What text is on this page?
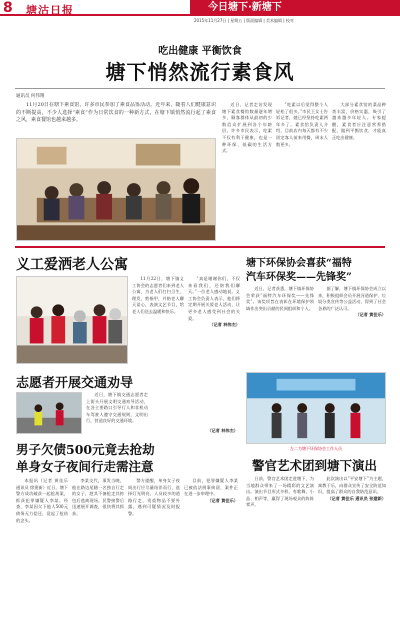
8 塘沽日报	今日塘下·新塘下
2015年11月27日 | 星期五 | 版面编辑 | 美术编辑 | 校对
吃出健康 平衡饮食
塘下悄然流行素食风
通讯员 何伟翔

11月20日在塘下素食馆，许多市民参加了素食品鉴活动。近年来，随着人们健康意识的不断提高，不少人选择“素食”作为日常饮食的一种新方式，在塘下镇悄然流行起了素食之风，素食餐馆也越来越多。

近日，记者走访发现塘下素食餐馆数量逐年增多，顾客群体从最初的少数信众扩展到各个年龄层。许多市民表示，吃素不仅有利于健康，也是一种环保、低碳的生活方式。

“吃素以后觉得整个人轻松了很多。”市民王女士告诉记者，她已经坚持吃素两年多了。素食馆负责人介绍，目前店内每天都有不少固定客人前来用餐，周末人数更多。

大部分素食馆的菜品种类丰富，价格实惠，吸引了越来越多年轻人。专家提醒，素食者应注意营养搭配，做到平衡饮食，才能真正吃出健康。

义工爱洒老人公寓

11月22日，塘下镇义工协会的志愿者们来到老人公寓，为老人们打扫卫生、理发、剪指甲，并陪老人聊天谈心，表演文艺节目，给老人们送去温暖和快乐。

“真是谢谢你们，不仅来看我们，还陪我们聊天。”一位老人感动地说。义工协会负责人表示，他们将定期开展关爱老人活动，让更多老人感受到社会的关爱。

（记者 林伟杰）
志愿者开展交通劝导

近日，塘下镇交通志愿者走上街头开展文明交通劝导活动，在各主要路口引导行人和非机动车驾驶人遵守交通规则，文明出行，营造良好的交通环境。

（记者 林伟杰）
男子欠债500元竟去抢劫
单身女子夜间行走需注意

本报讯（记者 黄佳乐 通讯员 徐建新）近日，塘下警方成功破获一起抢劫案，抓获犯罪嫌疑人李某。经查，李某因欠下他人500元债务无力偿还，竟起了抢劫的念头。

李某交代，事发当晚，他在路边尾随一名独自行走的女子，趁其不备抢走其挎包后逃离现场。民警接警后迅速展开调查，很快将其抓获。

警方提醒，单身女子夜间出行应尽量结伴而行，选择灯光明亮、人员较多的道路行走，贵重物品不要外露，遇到可疑情况及时报警。

目前，犯罪嫌疑人李某已被依法刑事拘留，案件正在进一步审理中。

（记者 黄佳乐）
塘下环保协会喜获“福特
汽车环保奖——先锋奖”

近日，记者获悉，塘下镇环保协会荣获“福特汽车环保奖——先锋奖”。该奖项旨在表彰在环境保护领域作出突出贡献的民间组织和个人。

据了解，塘下镇环保协会成立以来，积极组织会员开展河道保护、垃圾分类宣传等公益活动，得到了社会各界的广泛认可。

（记者 黄佳乐）
左二为塘下环保协会工作人员
警官艺术团到塘下演出

日前，警官艺术团走进塘下，为当地群众带来了一场精彩的文艺演出。演出节目形式多样，有歌舞、小品、相声等，赢得了现场观众的阵阵掌声。

此次演出以“平安塘下”为主题，寓教于乐，向群众宣传了安全防范知识，提高了群众的自我防范意识。

（记者 黄佳乐 通讯员 张建新）
